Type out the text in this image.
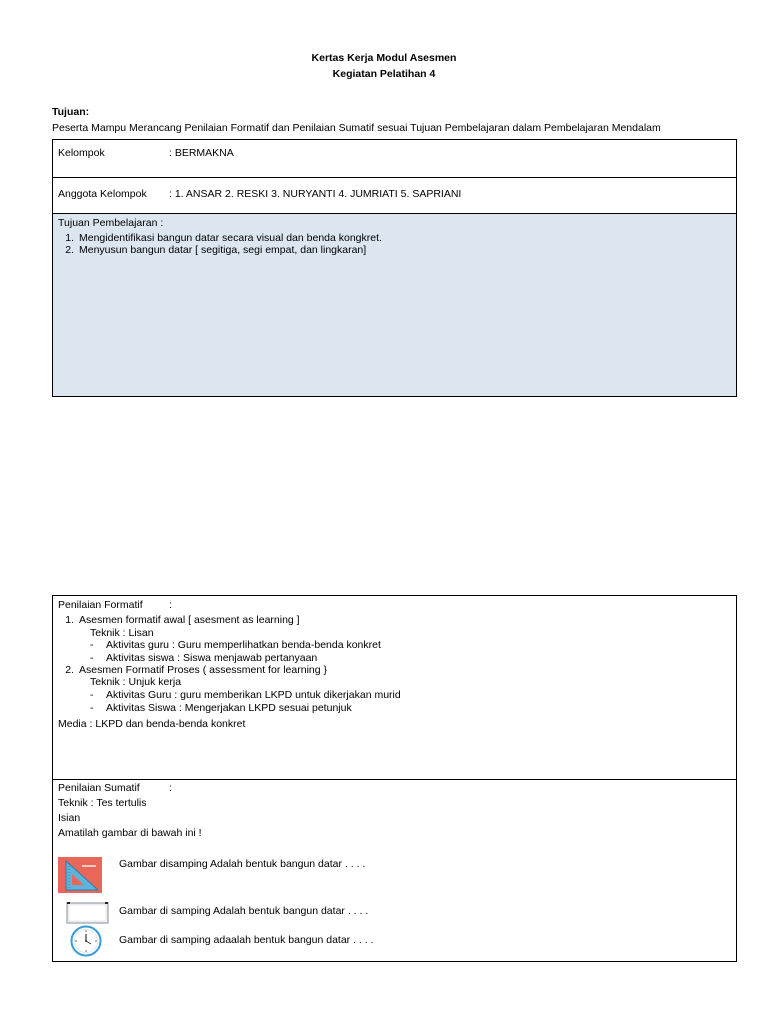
Kertas Kerja Modul Asesmen
Kegiatan Pelatihan 4
Tujuan:
Peserta Mampu Merancang Penilaian Formatif dan Penilaian Sumatif sesuai Tujuan Pembelajaran dalam Pembelajaran Mendalam
Kelompok	: BERMAKNA
Anggota Kelompok : 1. ANSAR 2. RESKI 3. NURYANTI 4. JUMRIATI 5. SAPRIANI
Tujuan Pembelajaran :
1. Mengidentifikasi bangun datar secara visual dan benda kongkret.
2. Menyusun bangun datar [ segitiga, segi empat, dan lingkaran]
Penilaian Formatif	:
1. Asesmen formatif awal [ asesment as learning ]
Teknik : Lisan
- Aktivitas guru : Guru memperlihatkan benda-benda konkret
- Aktivitas siswa : Siswa menjawab pertanyaan
2. Asesmen Formatif Proses ( assessment for learning }
Teknik : Unjuk kerja
- Aktivitas Guru : guru memberikan LKPD untuk dikerjakan murid
- Aktivitas Siswa : Mengerjakan LKPD sesuai petunjuk
Media : LKPD dan benda-benda konkret
Penilaian Sumatif	:
Teknik : Tes tertulis
Isian
Amatilah gambar di bawah ini !
Gambar disamping Adalah bentuk bangun datar . . . .
Gambar di samping Adalah bentuk bangun datar . . . .
Gambar di samping adaalah bentuk bangun datar . . . .
